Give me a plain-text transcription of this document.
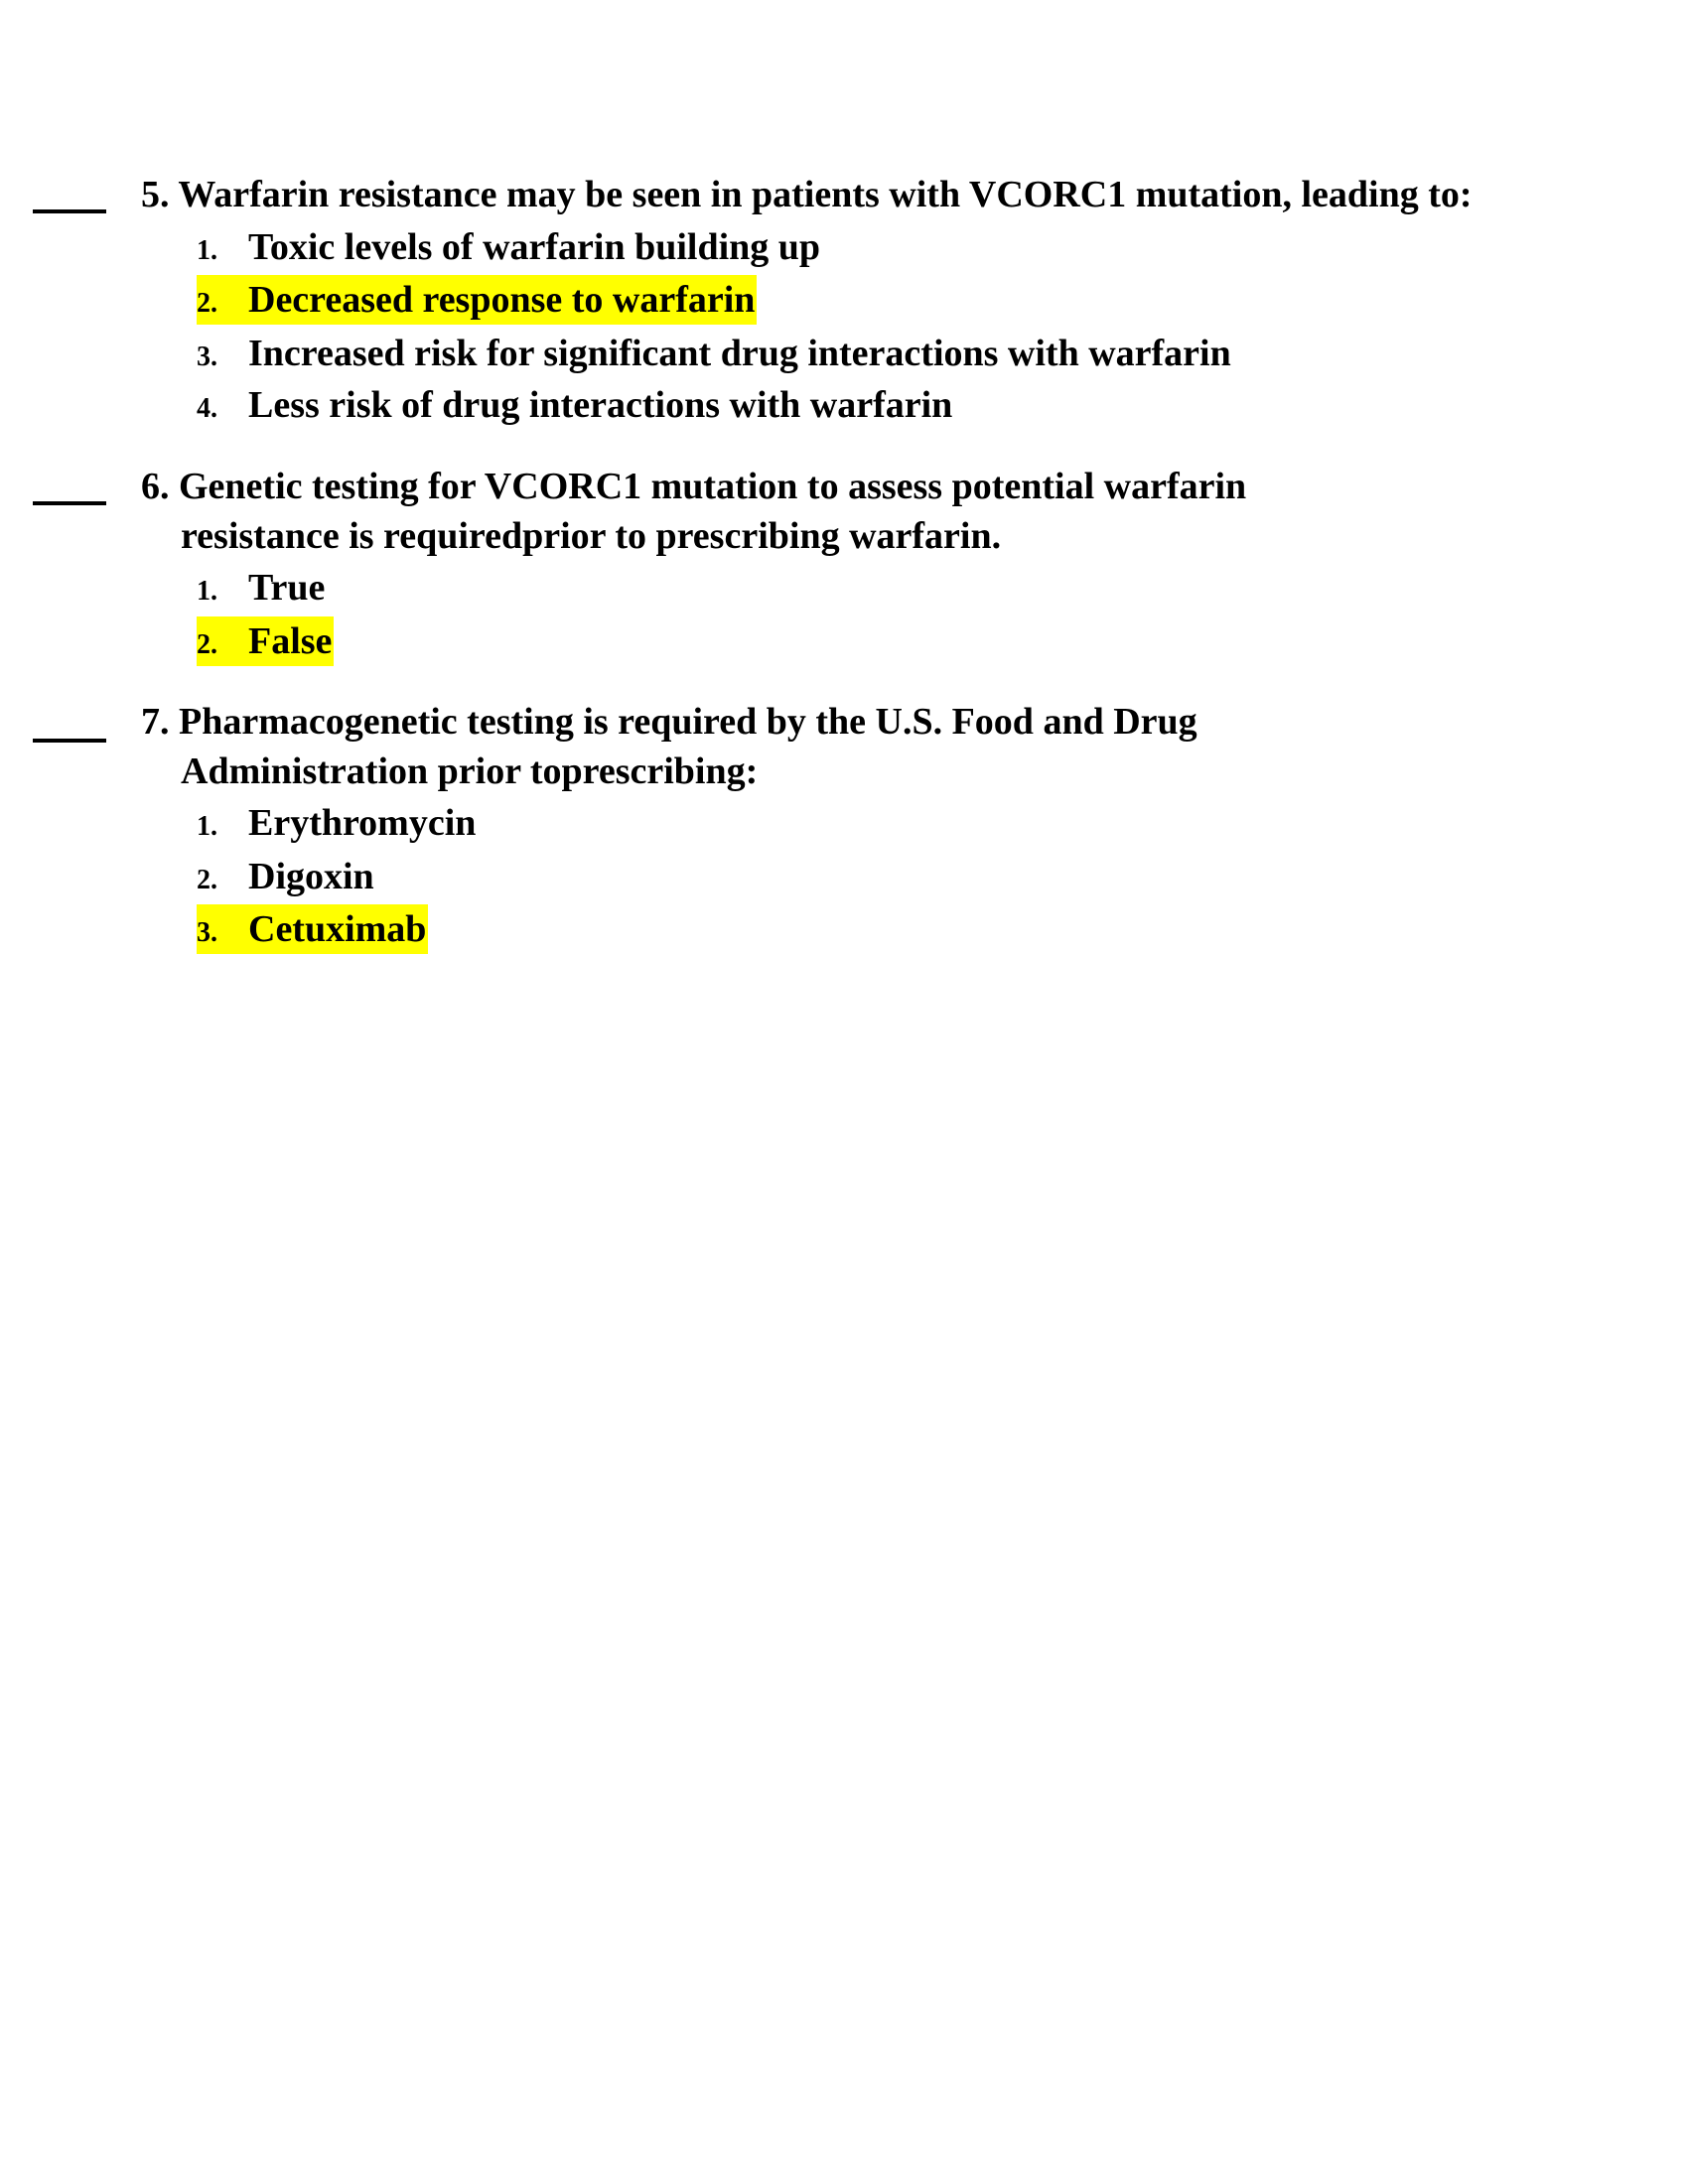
5. Warfarin resistance may be seen in patients with VCORC1 mutation, leading to:
1. Toxic levels of warfarin building up
2. Decreased response to warfarin
3. Increased risk for significant drug interactions with warfarin
4. Less risk of drug interactions with warfarin
6. Genetic testing for VCORC1 mutation to assess potential warfarin
resistance is requiredprior to prescribing warfarin.
1. True
2. False
7. Pharmacogenetic testing is required by the U.S. Food and Drug
Administration prior toprescribing:
1. Erythromycin
2. Digoxin
3. Cetuximab
